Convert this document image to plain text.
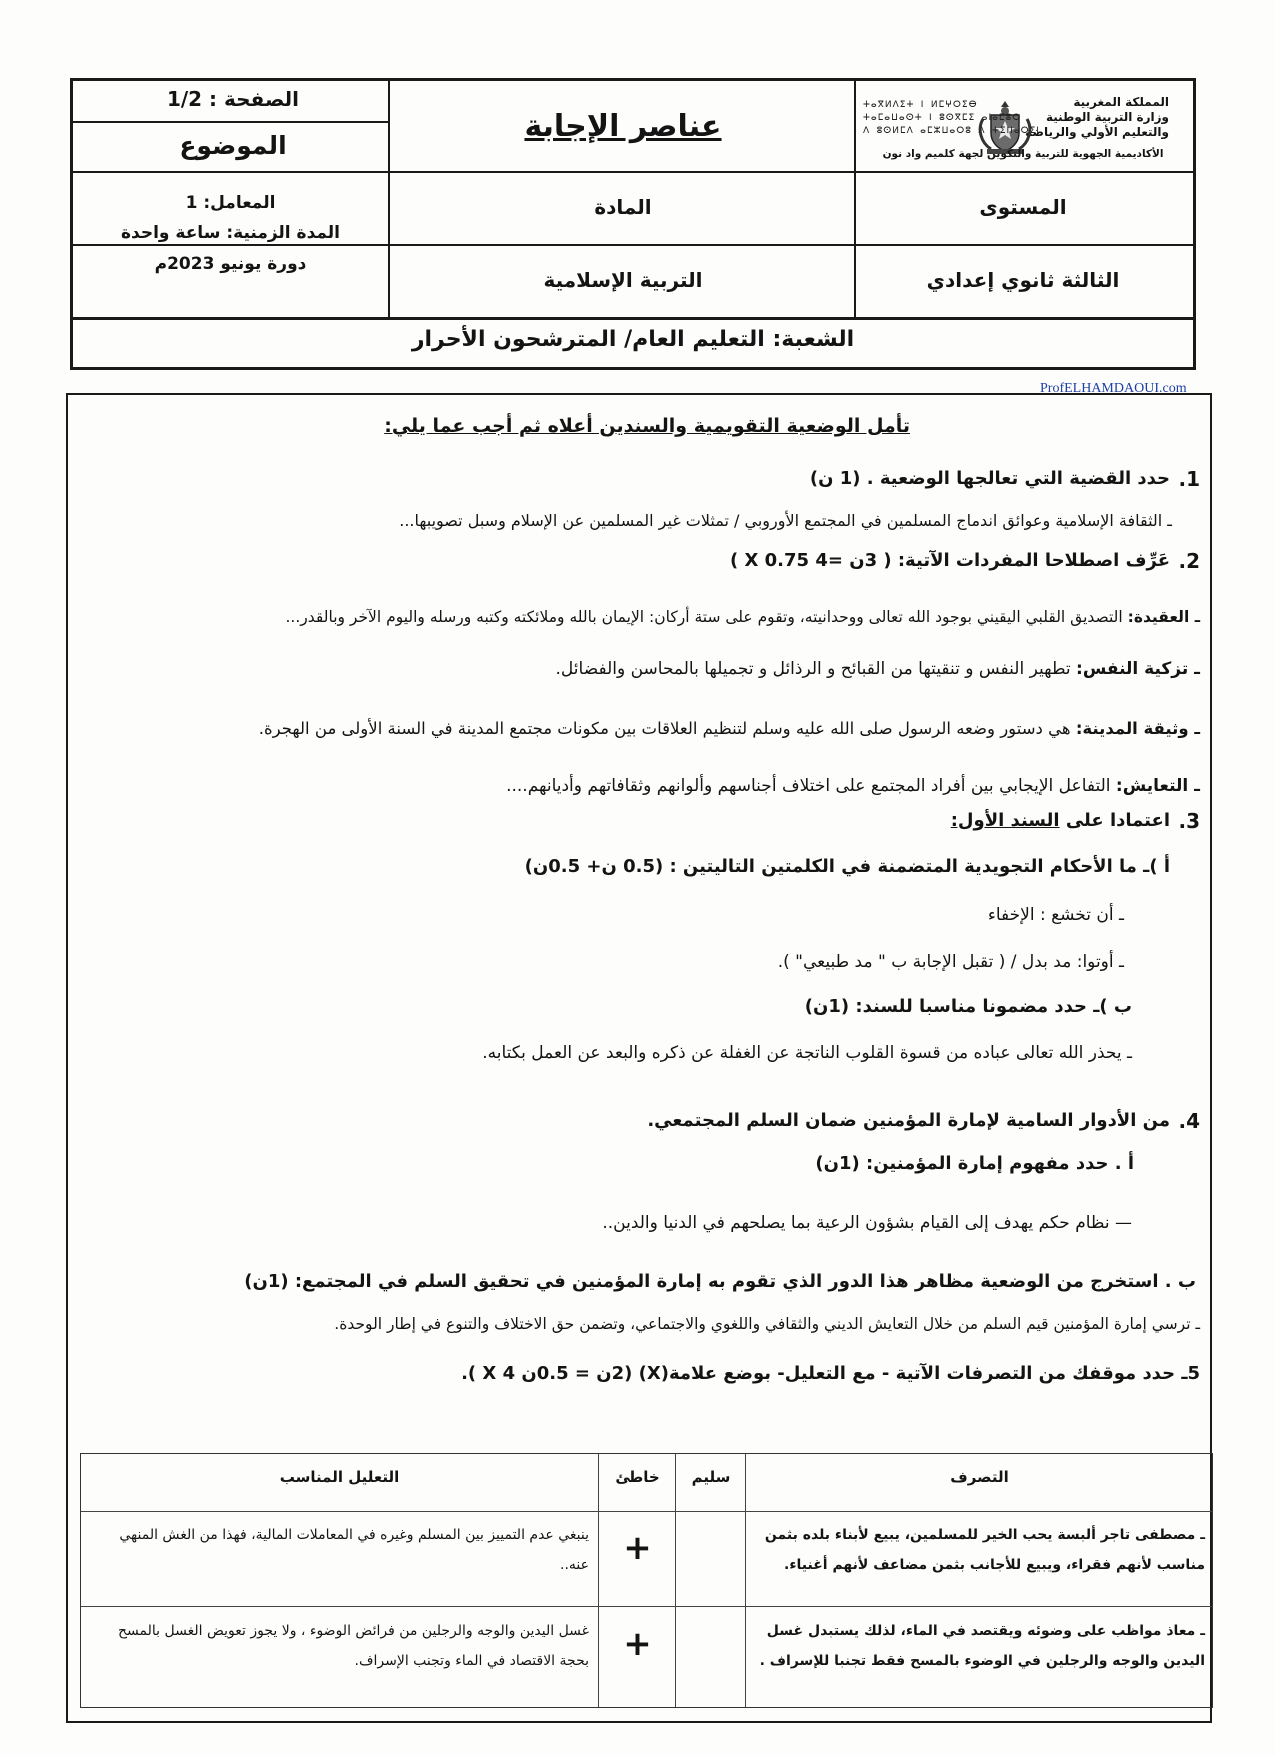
الصفحة : 1/2
الموضوع
المعامل: 1
المدة الزمنية: ساعة واحدة
دورة يونيو 2023م
عناصر الإجابة
المادة
التربية الإسلامية
المملكة المغربية
وزارة التربية الوطنية
والتعليم الأولي والرياضة
ⵜⴰⴳⵍⴷⵉⵜ ⵏ ⵍⵎⵖⵔⵉⴱ
ⵜⴰⵎⴰⵡⴰⵙⵜ ⵏ ⵓⵙⴳⵎⵉ ⴰⵏⴰⵎⵓⵔ
ⴷ ⵓⵙⵍⵎⴷ ⴰⵎⵣⵡⴰⵔⵓ ⴷ ⵜⵉⵏⵏⴰⵔⵉⵏ
الأكاديمية الجهوية للتربية والتكوين لجهة كلميم واد نون
المستوى
الثالثة ثانوي إعدادي
الشعبة: التعليم العام/ المترشحون الأحرار
ProfELHAMDAOUI.com
تأمل الوضعية التقويمية والسندين أعلاه ثم أجب عما يلي:
1.
حدد القضية التي تعالجها الوضعية . (1 ن)
ـ الثقافة الإسلامية وعوائق اندماج المسلمين في المجتمع الأوروبي / تمثلات غير المسلمين عن الإسلام وسبل تصويبها...
2.
عَرِّف اصطلاحا المفردات الآتية: ( 3ن =4 X 0.75 )
ـ العقيدة: التصديق القلبي اليقيني بوجود الله تعالى ووحدانيته، وتقوم على ستة أركان: الإيمان بالله وملائكته وكتبه ورسله واليوم الآخر وبالقدر...
ـ تزكية النفس: تطهير النفس و تنقيتها من القبائح و الرذائل و تجميلها بالمحاسن والفضائل.
ـ وثيقة المدينة: هي دستور وضعه الرسول صلى الله عليه وسلم لتنظيم العلاقات بين مكونات مجتمع المدينة في السنة الأولى من الهجرة.
ـ التعايش: التفاعل الإيجابي بين أفراد المجتمع على اختلاف أجناسهم وألوانهم وثقافاتهم وأديانهم....
3.
اعتمادا على السند الأول:
أ )ـ ما الأحكام التجويدية المتضمنة في الكلمتين التاليتين : (0.5 ن+ 0.5ن)
ـ أن تخشع : الإخفاء
ـ أوتوا: مد بدل / ( تقبل الإجابة ب " مد طبيعي" ).
ب )ـ حدد مضمونا مناسبا للسند: (1ن)
ـ يحذر الله تعالى عباده من قسوة القلوب الناتجة عن الغفلة عن ذكره والبعد عن العمل بكتابه.
4.
من الأدوار السامية لإمارة المؤمنين ضمان السلم المجتمعي.
أ . حدد مفهوم إمارة المؤمنين: (1ن)
— نظام حكم يهدف إلى القيام بشؤون الرعية بما يصلحهم في الدنيا والدين..
ب . استخرج من الوضعية مظاهر هذا الدور الذي تقوم به إمارة المؤمنين في تحقيق السلم في المجتمع: (1ن)
ـ ترسي إمارة المؤمنين قيم السلم من خلال التعايش الديني والثقافي واللغوي والاجتماعي، وتضمن حق الاختلاف والتنوع في إطار الوحدة.
5ـ حدد موقفك من التصرفات الآتية - مع التعليل- بوضع علامة(X) (2ن = 0.5ن X 4 ).
التصرف
سليم
خاطئ
التعليل المناسب
ـ مصطفى تاجر ألبسة يحب الخير للمسلمين، يبيع لأبناء بلده بثمن مناسب لأنهم فقراء، ويبيع للأجانب بثمن مضاعف لأنهم أغنياء.
+
ينبغي عدم التمييز بين المسلم وغيره في المعاملات المالية، فهذا من الغش المنهي عنه..
ـ معاذ مواظب على وضوئه ويقتصد في الماء، لذلك يستبدل غسل اليدين والوجه والرجلين في الوضوء بالمسح فقط تجنبا للإسراف .
+
غسل اليدين والوجه والرجلين من فرائض الوضوء ، ولا يجوز تعويض الغسل بالمسح بحجة الاقتصاد في الماء وتجنب الإسراف.
